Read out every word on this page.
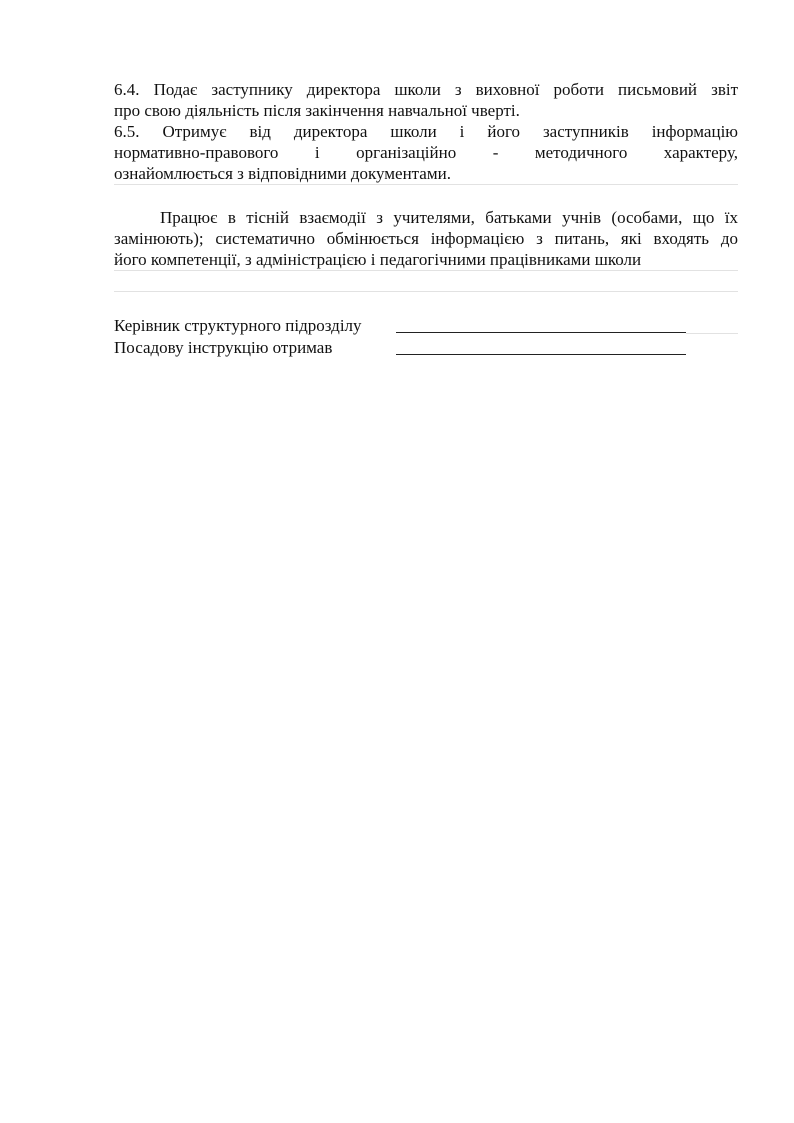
6.4. Подає заступнику директора школи з виховної роботи письмовий звіт
про свою діяльність після закінчення навчальної чверті.
6.5. Отримує від директора школи і його заступників інформацію
нормативно-правового і організаційно - методичного характеру,
ознайомлюється з відповідними документами.
Працює в тісній взаємодії з учителями, батьками учнів (особами, що їх
замінюють); систематично обмінюється інформацією з питань, які входять до
його компетенції, з адміністрацією і педагогічними працівниками школи
Керівник структурного підрозділу
Посадову інструкцію отримав
